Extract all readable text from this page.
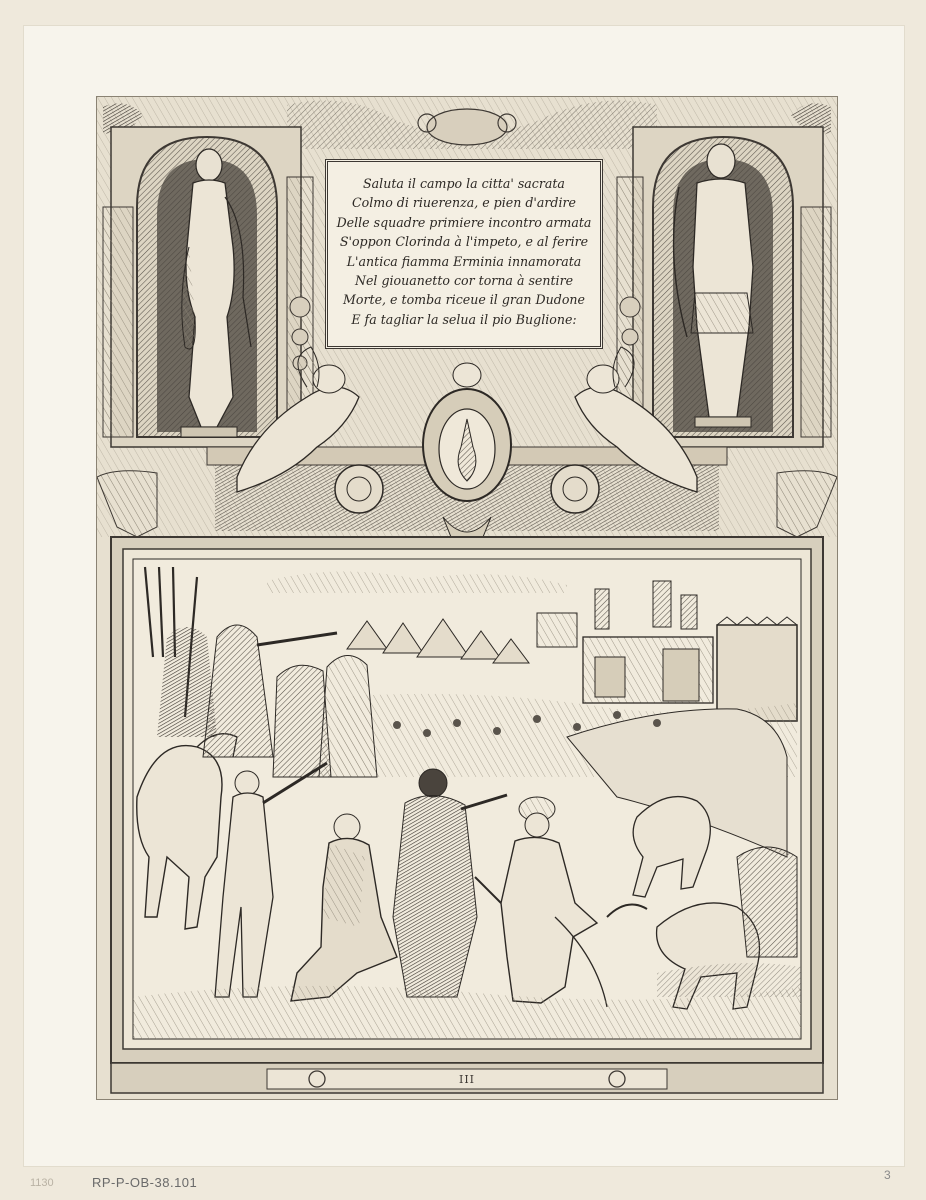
Saluta il campo la citta' sacrata
Colmo di riuerenza, e pien d'ardire
Delle squadre primiere incontro armata
S'oppon Clorinda à l'impeto, e al ferire
L'antica fiamma Erminia innamorata
Nel giouanetto cor torna à sentire
Morte, e tomba riceue il gran Dudone
E fa tagliar la selua il pio Buglione:
III
1130	RP-P-OB-38.101	3
